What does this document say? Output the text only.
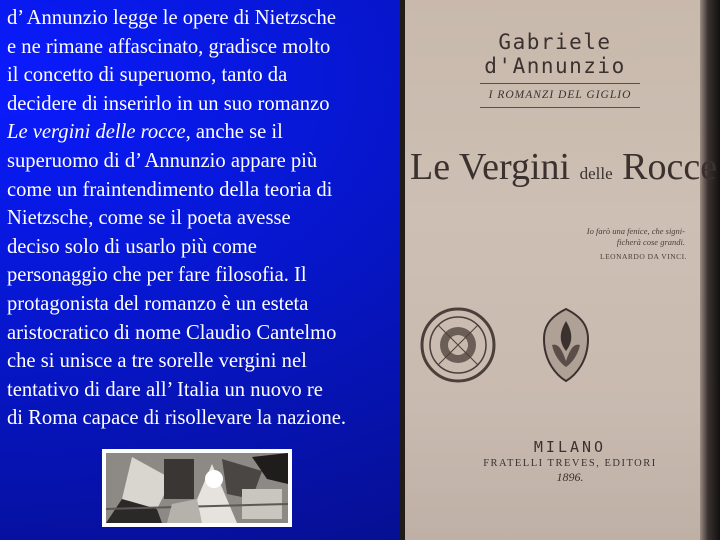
d’ Annunzio legge le opere di Nietzsche
e ne rimane affascinato, gradisce molto
il concetto di superuomo, tanto da
decidere di inserirlo in un suo romanzo
Le vergini delle rocce, anche se il
superuomo di d’ Annunzio appare più
come un fraintendimento della teoria di
Nietzsche, come se il poeta avesse
deciso solo di usarlo più come
personaggio che per fare filosofia. Il
protagonista del romanzo è un esteta
aristocratico di nome Claudio Cantelmo
che si unisce a tre sorelle vergini nel
tentativo di dare all’ Italia un nuovo re
di Roma capace di risollevare la nazione.

Gabriele d'Annunzio
I ROMANZI DEL GIGLIO
Le Vergini delle Rocce
Io farò una fenice, che signi-
ficherà cose grandi.
LEONARDO DA VINCI.
MILANO
FRATELLI TREVES, EDITORI
1896.
